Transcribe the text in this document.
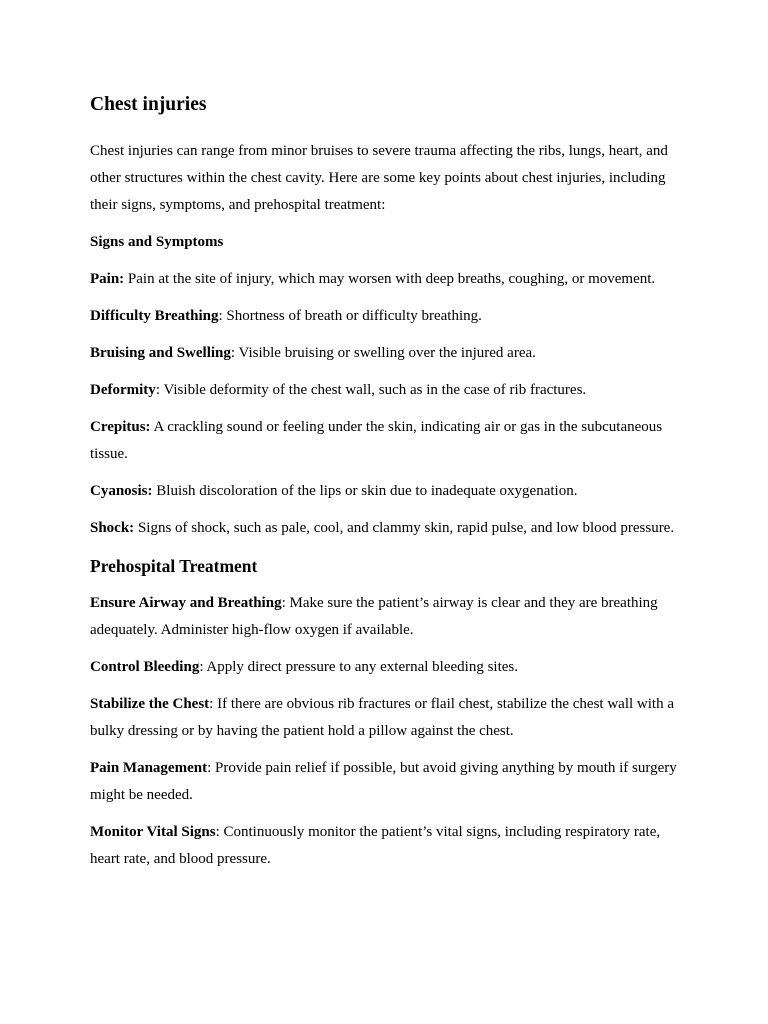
Chest injuries

Chest injuries can range from minor bruises to severe trauma affecting the ribs, lungs, heart, and other structures within the chest cavity. Here are some key points about chest injuries, including their signs, symptoms, and prehospital treatment:

Signs and Symptoms

Pain: Pain at the site of injury, which may worsen with deep breaths, coughing, or movement.

Difficulty Breathing: Shortness of breath or difficulty breathing.

Bruising and Swelling: Visible bruising or swelling over the injured area.

Deformity: Visible deformity of the chest wall, such as in the case of rib fractures.

Crepitus: A crackling sound or feeling under the skin, indicating air or gas in the subcutaneous tissue.

Cyanosis: Bluish discoloration of the lips or skin due to inadequate oxygenation.

Shock: Signs of shock, such as pale, cool, and clammy skin, rapid pulse, and low blood pressure.

Prehospital Treatment

Ensure Airway and Breathing: Make sure the patient’s airway is clear and they are breathing adequately. Administer high-flow oxygen if available.

Control Bleeding: Apply direct pressure to any external bleeding sites.

Stabilize the Chest: If there are obvious rib fractures or flail chest, stabilize the chest wall with a bulky dressing or by having the patient hold a pillow against the chest.

Pain Management: Provide pain relief if possible, but avoid giving anything by mouth if surgery might be needed.

Monitor Vital Signs: Continuously monitor the patient’s vital signs, including respiratory rate, heart rate, and blood pressure.
